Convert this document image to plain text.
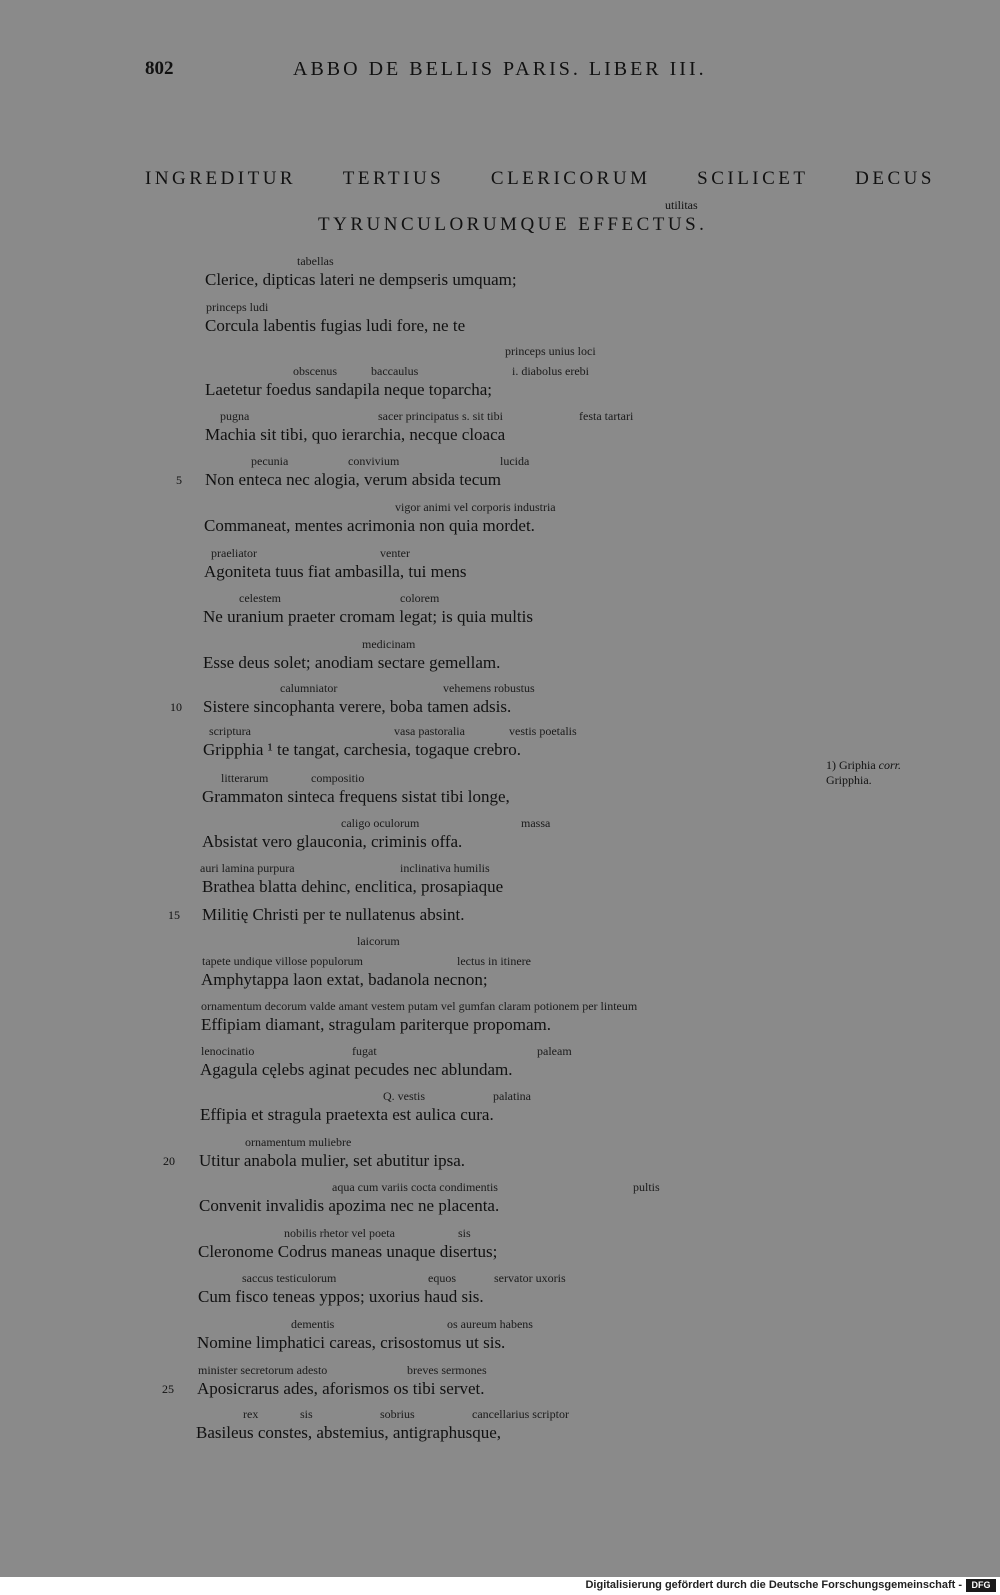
802	ABBO DE BELLIS PARIS. LIBER III.
INGREDITUR TERTIUS CLERICORUM SCILICET DECUS
utilitas
TYRUNCULORUMQUE EFFECTUS.
tabellas
Clerice, dipticas lateri ne dempseris umquam;
princeps ludi
Corcula labentis fugias ludi fore, ne te
princeps unius loci
obscenus	baccaulus	i. diabolus erebi
Laetetur foedus sandapila neque toparcha;
pugna	sacer principatus s. sit tibi	festa tartari
Machia sit tibi, quo ierarchia, necque cloaca
pecunia	convivium	lucida
Non enteca nec alogia, verum absida tecum
5
vigor animi vel corporis industria
Commaneat, mentes acrimonia non quia mordet.
praeliator	venter
Agoniteta tuus fiat ambasilla, tui mens
celestem	colorem
Ne uranium praeter cromam legat; is quia multis
medicinam
Esse deus solet; anodiam sectare gemellam.
calumniator	vehemens robustus
Sistere sincophanta verere, boba tamen adsis.
10
scriptura	vasa pastoralia	vestis poetalis
Gripphia ¹ te tangat, carchesia, togaque crebro.
litterarum	compositio
Grammaton sinteca frequens sistat tibi longe,
caligo oculorum	massa
Absistat vero glauconia, criminis offa.
auri lamina purpura	inclinativa humilis
Brathea blatta dehinc, enclitica, prosapiaque
Militię Christi per te nullatenus absint.
15
laicorum
tapete undique villose populorum	lectus in itinere
Amphytappa laon extat, badanola necnon;
ornamentum decorum valde amant vestem putam vel gumfan claram potionem per linteum
Effipiam diamant, stragulam pariterque propomam.
lenocinatio	fugat	paleam
Agagula cęlebs aginat pecudes nec ablundam.
Q. vestis	palatina
Effipia et stragula praetexta est aulica cura.
ornamentum muliebre
Utitur anabola mulier, set abutitur ipsa.
20
aqua cum variis cocta condimentis	pultis
Convenit invalidis apozima nec ne placenta.
nobilis rhetor vel poeta	sis
Cleronome Codrus maneas unaque disertus;
saccus testiculorum	equos	servator uxoris
Cum fisco teneas yppos; uxorius haud sis.
dementis	os aureum habens
Nomine limphatici careas, crisostomus ut sis.
minister secretorum adesto	breves sermones
Aposicrarus ades, aforismos os tibi servet.
25
rex	sis	sobrius	cancellarius scriptor
Basileus constes, abstemius, antigraphusque,
1) Griphia corr.
Gripphia.
Digitalisierung gefördert durch die Deutsche Forschungsgemeinschaft -	DFG
